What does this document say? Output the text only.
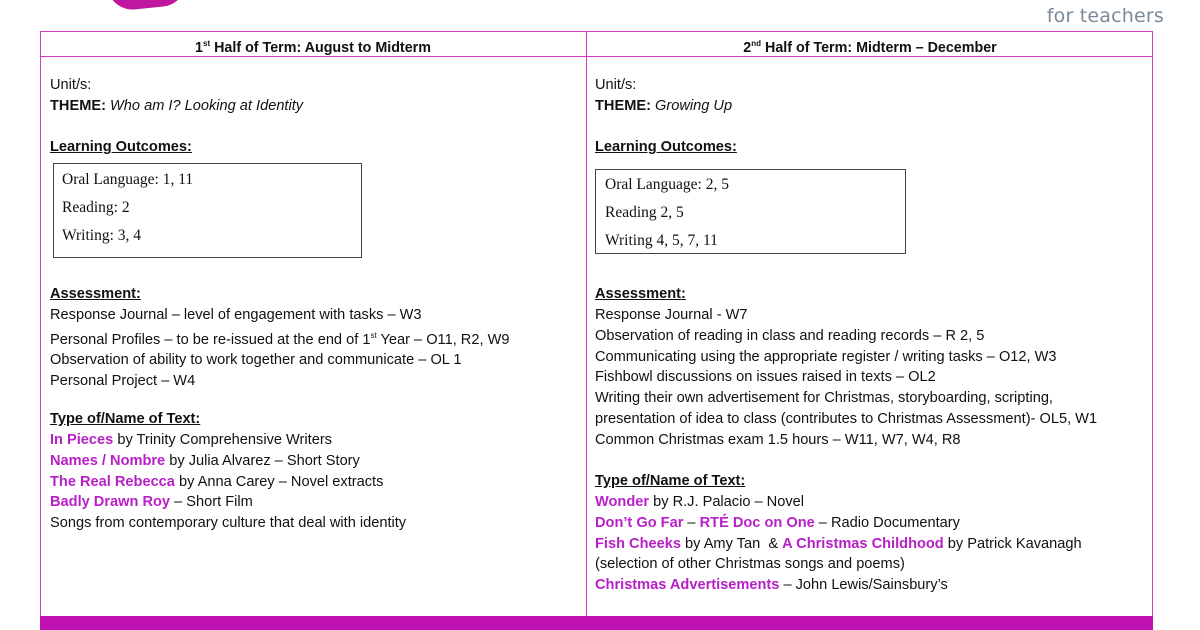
for teachers
1st Half of Term: August to Midterm
Unit/s:
THEME: Who am I? Looking at Identity
Learning Outcomes:
Oral Language: 1, 11
Reading: 2
Writing: 3, 4
Assessment:
Response Journal – level of engagement with tasks – W3
Personal Profiles – to be re-issued at the end of 1st Year – O11, R2, W9
Observation of ability to work together and communicate – OL 1
Personal Project – W4
Type of/Name of Text:
In Pieces by Trinity Comprehensive Writers
Names / Nombre by Julia Alvarez – Short Story
The Real Rebecca by Anna Carey – Novel extracts
Badly Drawn Roy – Short Film
Songs from contemporary culture that deal with identity
2nd Half of Term: Midterm – December
Unit/s:
THEME: Growing Up
Learning Outcomes:
Oral Language: 2, 5
Reading 2, 5
Writing 4, 5, 7, 11
Assessment:
Response Journal - W7
Observation of reading in class and reading records – R 2, 5
Communicating using the appropriate register / writing tasks – O12, W3
Fishbowl discussions on issues raised in texts – OL2
Writing their own advertisement for Christmas, storyboarding, scripting,
presentation of idea to class (contributes to Christmas Assessment)- OL5, W1
Common Christmas exam 1.5 hours – W11, W7, W4, R8
Type of/Name of Text:
Wonder by R.J. Palacio – Novel
Don’t Go Far – RTÉ Doc on One – Radio Documentary
Fish Cheeks by Amy Tan  & A Christmas Childhood by Patrick Kavanagh
(selection of other Christmas songs and poems)
Christmas Advertisements – John Lewis/Sainsbury’s
